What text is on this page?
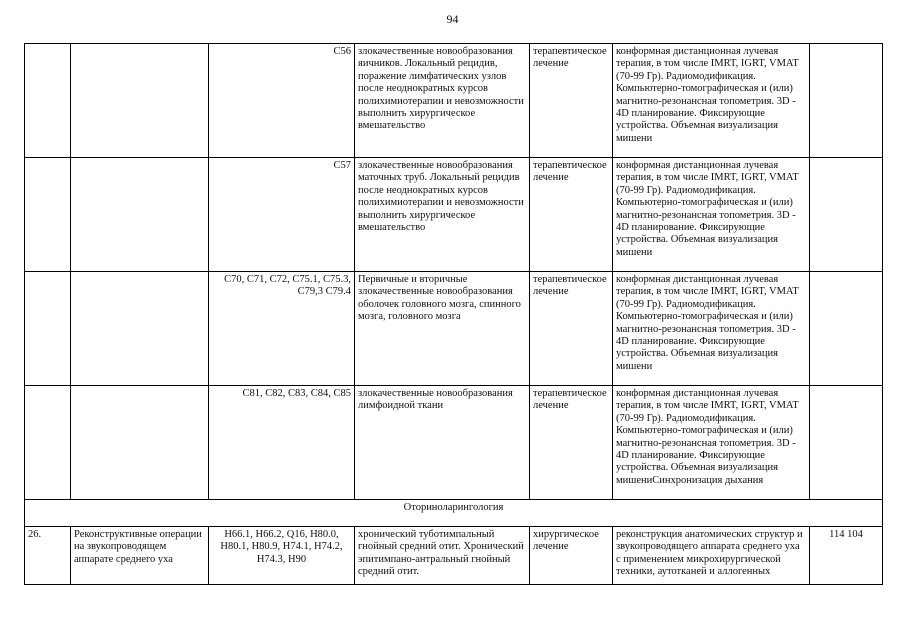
94
		С56	злокачественные новообразования яичников. Локальный рецидив, поражение лимфатических узлов после неоднократных курсов полихимиотерапии и невозможности выполнить хирургическое вмешательство	терапевтическое лечение	конформная дистанционная лучевая терапия, в том числе IMRT, IGRT, VMAT (70-99 Гр). Радиомодификация. Компьютерно-томографическая и (или) магнитно-резонансная топометрия. 3D - 4D планирование. Фиксирующие устройства. Объемная визуализация мишени	
		С57	злокачественные новообразования маточных труб. Локальный рецидив после неоднократных курсов полихимиотерапии и невозможности выполнить хирургическое вмешательство	терапевтическое лечение	конформная дистанционная лучевая терапия, в том числе IMRT, IGRT, VMAT (70-99 Гр). Радиомодификация. Компьютерно-томографическая и (или) магнитно-резонансная топометрия. 3D - 4D планирование. Фиксирующие устройства. Объемная визуализация мишени	
		С70, С71, С72, С75.1, С75.3, С79,3 С79.4	Первичные и вторичные злокачественные новообразования оболочек головного мозга, спинного мозга, головного мозга	терапевтическое лечение	конформная дистанционная лучевая терапия, в том числе IMRT, IGRT, VMAT (70-99 Гр). Радиомодификация. Компьютерно-томографическая и (или) магнитно-резонансная топометрия. 3D - 4D планирование. Фиксирующие устройства. Объемная визуализация мишени	
		С81, С82, С83, С84, С85	злокачественные новообразования лимфоидной ткани	терапевтическое лечение	конформная дистанционная лучевая терапия, в том числе IMRT, IGRT, VMAT (70-99 Гр). Радиомодификация. Компьютерно-томографическая и (или) магнитно-резонансная топометрия. 3D - 4D планирование. Фиксирующие устройства. Объемная визуализация мишениСинхронизация дыхания	
Оториноларингология						
26.	Реконструктивные операции на звукопроводящем аппарате среднего уха	H66.1, H66.2, Q16, H80.0, H80.1, H80.9, H74.1, H74.2, H74.3, H90	хронический туботимпальный гнойный средний отит. Хронический эпитимпано-антральный гнойный средний отит.	хирургическое лечение	реконструкция анатомических структур и звукопроводящего аппарата среднего уха с применением микрохирургической техники, аутотканей и аллогенных	114 104
